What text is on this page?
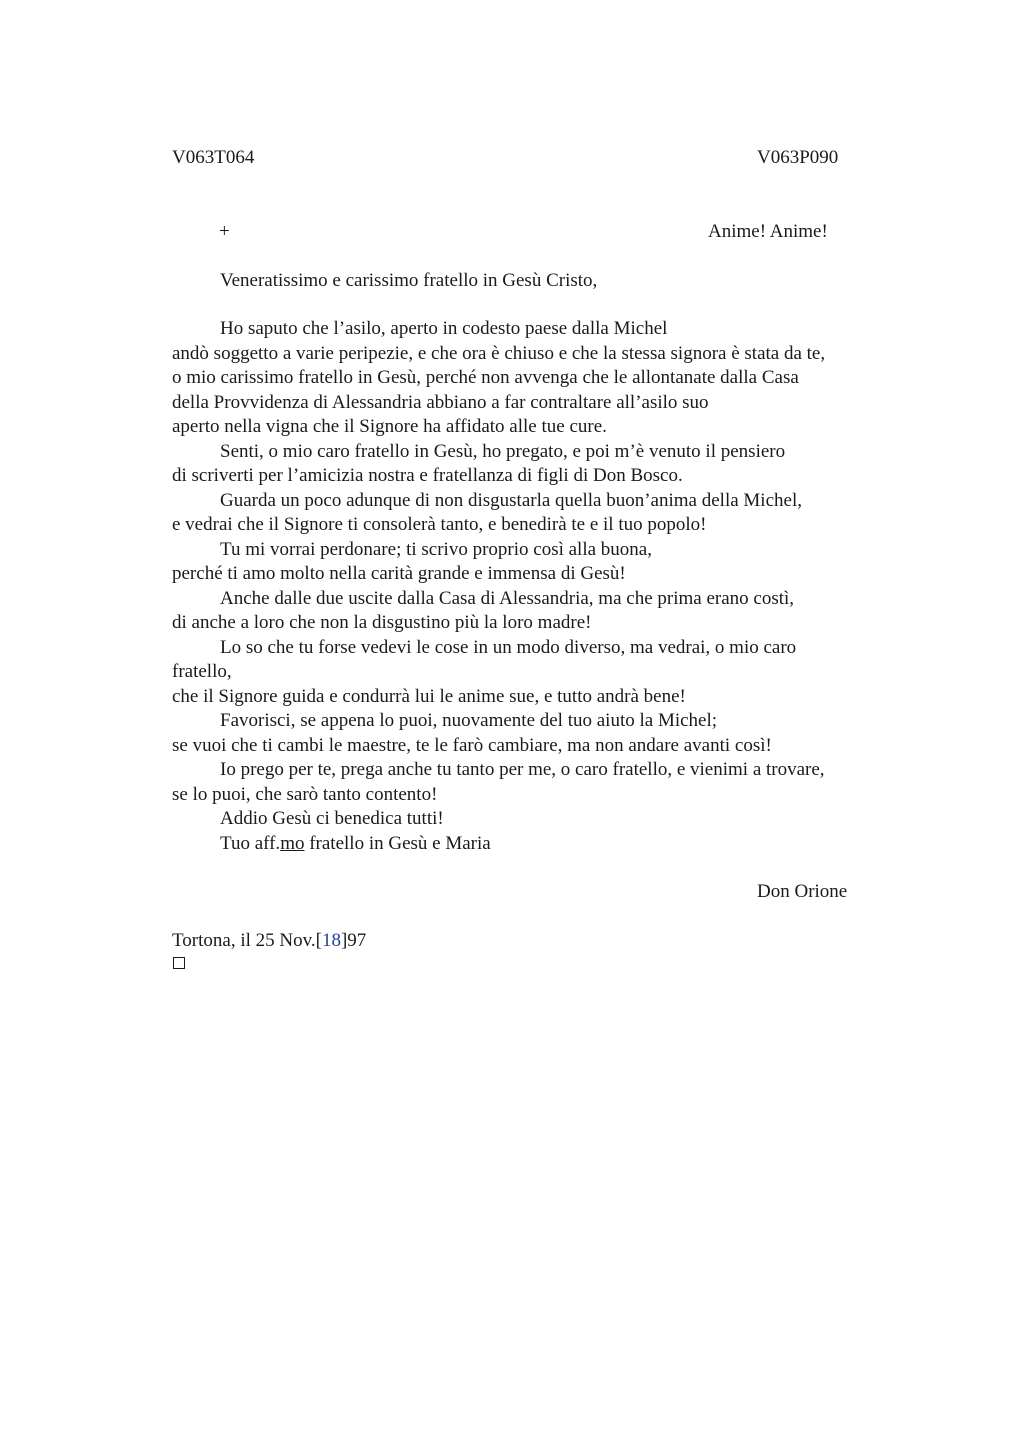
V063T064	V063P090
+	Anime! Anime!
Veneratissimo e carissimo fratello in Gesù Cristo,
Ho saputo che l’asilo, aperto in codesto paese dalla Michel
andò soggetto a varie peripezie, e che ora è chiuso e che la stessa signora è stata da te,
o mio carissimo fratello in Gesù, perché non avvenga che le allontanate dalla Casa
della Provvidenza di Alessandria abbiano a far contraltare all’asilo suo
aperto nella vigna che il Signore ha affidato alle tue cure.
Senti, o mio caro fratello in Gesù, ho pregato, e poi m’è venuto il pensiero
di scriverti per l’amicizia nostra e fratellanza di figli di Don Bosco.
Guarda un poco adunque di non disgustarla quella buon’anima della Michel,
e vedrai che il Signore ti consolerà tanto, e benedirà te e il tuo popolo!
Tu mi vorrai perdonare; ti scrivo proprio così alla buona,
perché ti amo molto nella carità grande e immensa di Gesù!
Anche dalle due uscite dalla Casa di Alessandria, ma che prima erano costì,
di anche a loro che non la disgustino più la loro madre!
Lo so che tu forse vedevi le cose in un modo diverso, ma vedrai, o mio caro
fratello,
che il Signore guida e condurrà lui le anime sue, e tutto andrà bene!
Favorisci, se appena lo puoi, nuovamente del tuo aiuto la Michel;
se vuoi che ti cambi le maestre, te le farò cambiare, ma non andare avanti così!
Io prego per te, prega anche tu tanto per me, o caro fratello, e vienimi a trovare,
se lo puoi, che sarò tanto contento!
Addio Gesù ci benedica tutti!
Tuo aff.mo fratello in Gesù e Maria
Don Orione
Tortona, il 25 Nov.[18]97
